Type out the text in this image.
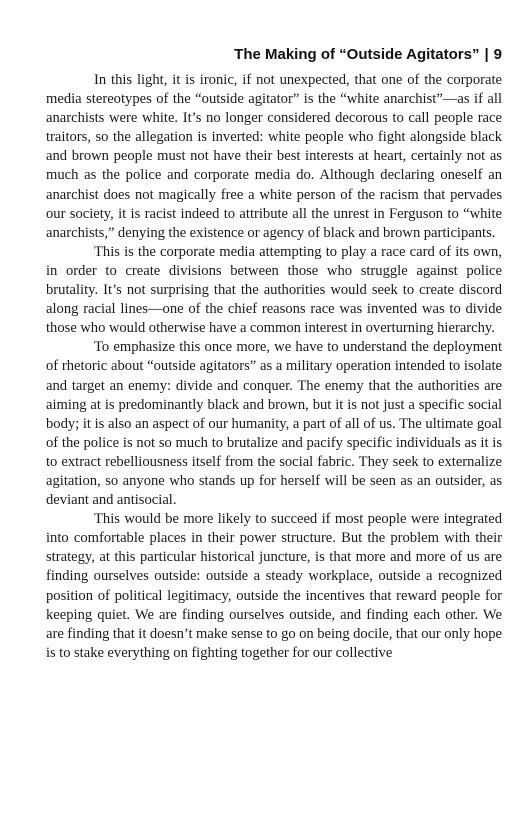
The Making of “Outside Agitators” | 9

In this light, it is ironic, if not unexpected, that one of the corporate media stereotypes of the “outside agitator” is the “white anarchist”—as if all anarchists were white. It’s no longer considered decorous to call people race traitors, so the allegation is inverted: white people who fight alongside black and brown people must not have their best interests at heart, certainly not as much as the police and corporate media do. Although declaring oneself an anarchist does not magically free a white person of the racism that pervades our society, it is racist indeed to attribute all the unrest in Ferguson to “white anarchists,” denying the existence or agency of black and brown participants.

This is the corporate media attempting to play a race card of its own, in order to create divisions between those who struggle against police brutality. It’s not surprising that the authorities would seek to create discord along racial lines—one of the chief reasons race was invented was to divide those who would otherwise have a common interest in overturning hierarchy.

To emphasize this once more, we have to understand the deployment of rhetoric about “outside agitators” as a military operation intended to isolate and target an enemy: divide and conquer. The enemy that the authorities are aiming at is predominantly black and brown, but it is not just a specific social body; it is also an aspect of our humanity, a part of all of us. The ultimate goal of the police is not so much to brutalize and pacify specific individuals as it is to extract rebelliousness itself from the social fabric. They seek to externalize agitation, so anyone who stands up for herself will be seen as an outsider, as deviant and antisocial.

This would be more likely to succeed if most people were integrated into comfortable places in their power structure. But the problem with their strategy, at this particular historical juncture, is that more and more of us are finding ourselves outside: outside a steady workplace, outside a recognized position of political legitimacy, outside the incentives that reward people for keeping quiet. We are finding ourselves outside, and finding each other. We are finding that it doesn’t make sense to go on being docile, that our only hope is to stake everything on fighting together for our collective
